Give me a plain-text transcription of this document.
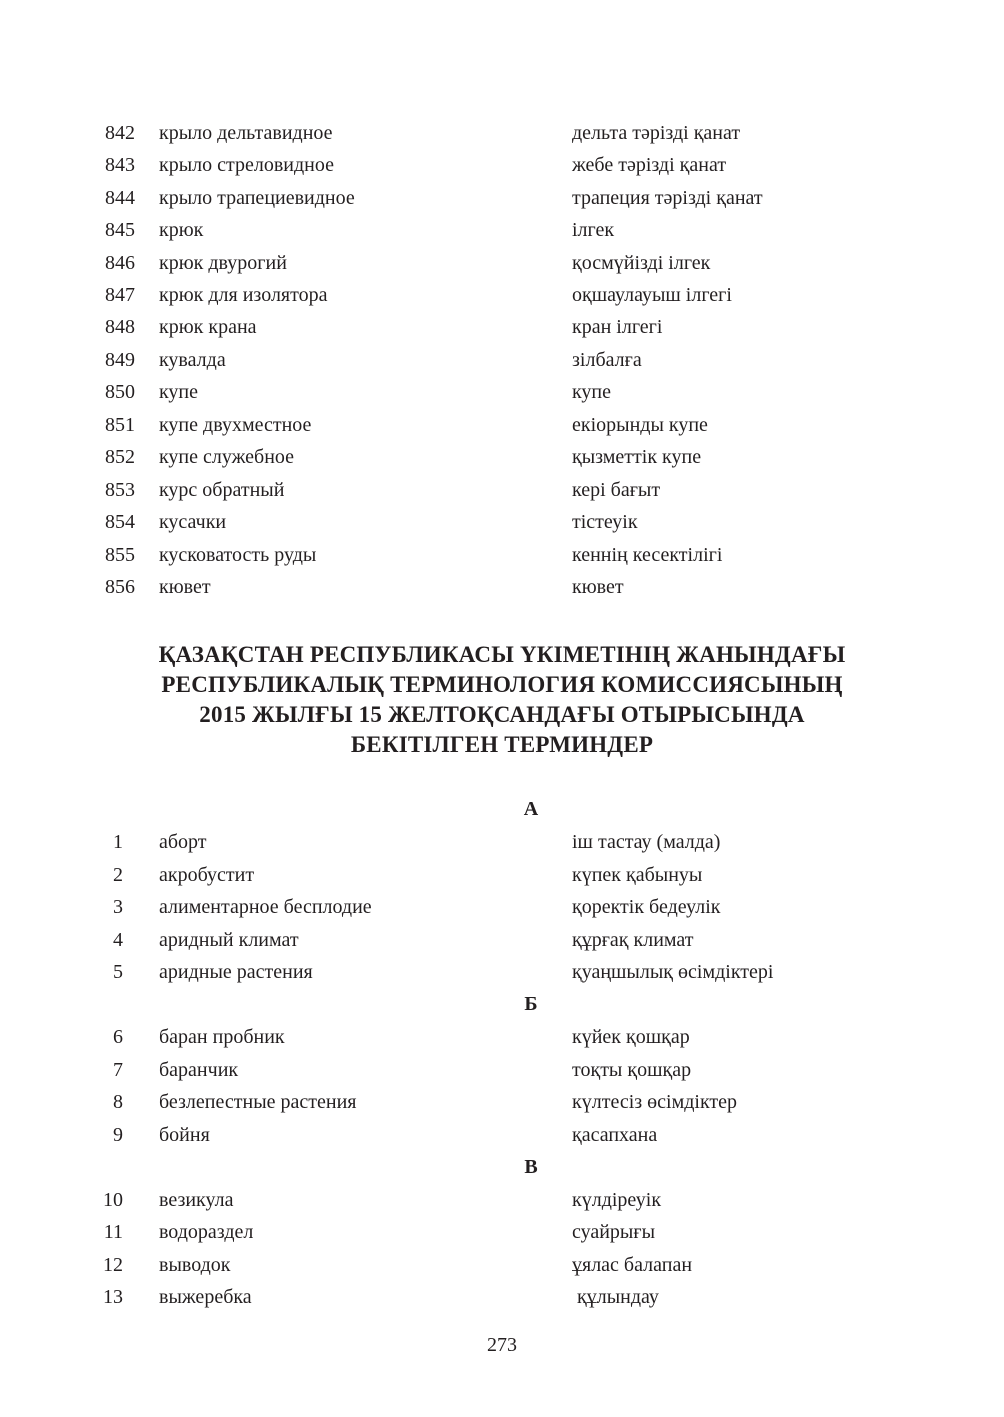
842 крыло дельтавидное	дельта тәрізді қанат
843 крыло стреловидное	жебе тәрізді қанат
844 крыло трапециевидное	трапеция тәрізді қанат
845 крюк	ілгек
846 крюк двурогий	қосмүйізді ілгек
847 крюк для изолятора	оқшаулауыш ілгегі
848 крюк крана	кран ілгегі
849 кувалда	зілбалға
850 купе	купе
851 купе двухместное	екіорынды купе
852 купе служебное	қызметтік купе
853 курс обратный	кері бағыт
854 кусачки	тістеуік
855 кусковатость руды	кеннің кесектілігі
856 кювет	кювет
ҚАЗАҚСТАН РЕСПУБЛИКАСЫ ҮКІМЕТІНІҢ ЖАНЫНДАҒЫ
РЕСПУБЛИКАЛЫҚ ТЕРМИНОЛОГИЯ КОМИССИЯСЫНЫҢ
2015 ЖЫЛҒЫ 15 ЖЕЛТОҚСАНДАҒЫ ОТЫРЫСЫНДА
БЕКІТІЛГЕН ТЕРМИНДЕР
А
1 аборт	іш тастау (малда)
2 акробустит	күпек қабынуы
3 алиментарное бесплодие	қоректік бедеулік
4 аридный климат	құрғақ климат
5 аридные растения	қуаңшылық өсімдіктері
Б
6 баран пробник	күйек қошқар
7 баранчик	тоқты қошқар
8 безлепестные растения	күлтесіз өсімдіктер
9 бойня	қасапхана
В
10 везикула	күлдіреуік
11 водораздел	суайрығы
12 выводок	ұялас балапан
13 выжеребка	құлындау
273
